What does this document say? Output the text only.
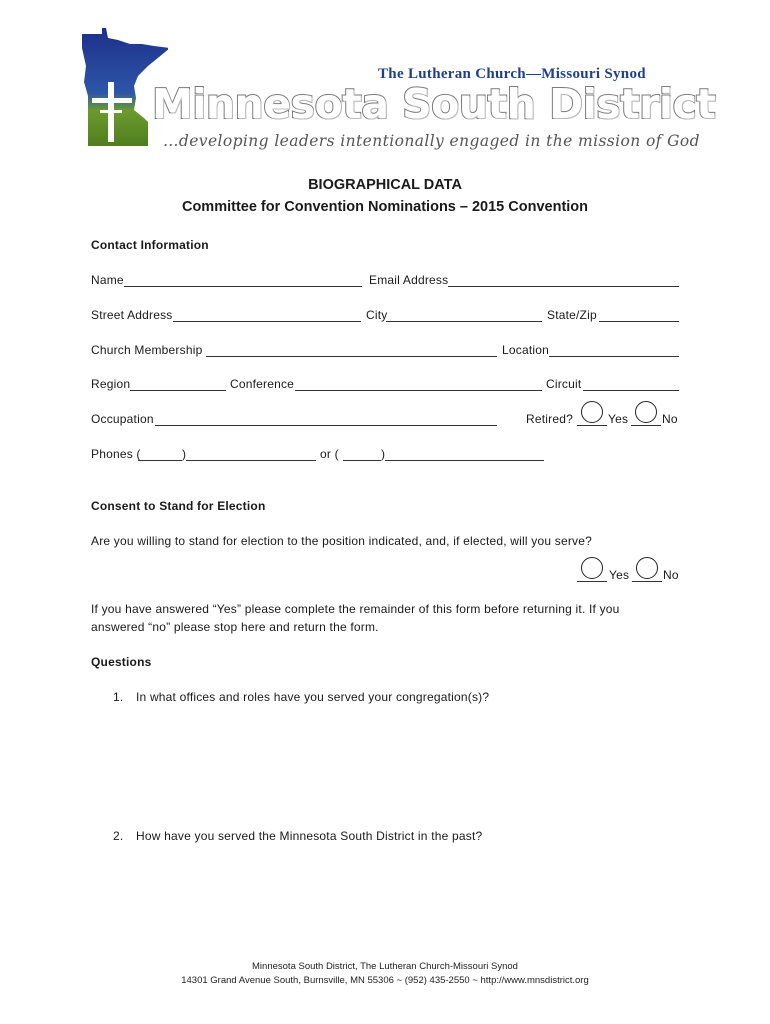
The Lutheran Church—Missouri Synod
Minnesota South District
…developing leaders intentionally engaged in the mission of God
BIOGRAPHICAL DATA
Committee for Convention Nominations – 2015 Convention
Contact Information
Name	Email Address
Street Address	City	State/Zip
Church Membership	Location
Region	Conference	Circuit
Occupation	Retired?	Yes	No
Phones (	)	or (	)
Consent to Stand for Election
Are you willing to stand for election to the position indicated, and, if elected, will you serve?
Yes	No
If you have answered “Yes” please complete the remainder of this form before returning it. If you
answered “no” please stop here and return the form.
Questions
1. In what offices and roles have you served your congregation(s)?
2. How have you served the Minnesota South District in the past?
Minnesota South District, The Lutheran Church-Missouri Synod
14301 Grand Avenue South, Burnsville, MN 55306 ~ (952) 435-2550 ~ http://www.mnsdistrict.org
